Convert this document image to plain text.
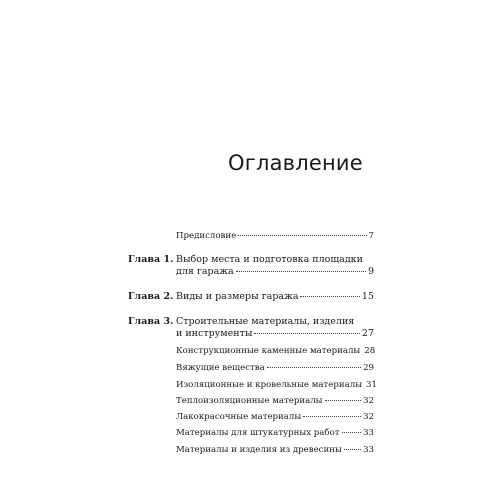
Оглавление
Предисловие	7
Глава 1. Выбор места и подготовка площадки
для гаража	9
Глава 2. Виды и размеры гаража	15
Глава 3. Строительные материалы, изделия
и инструменты	27
Конструкционные каменные материалы 28
Вяжущие вещества	29
Изоляционные и кровельные материалы 31
Теплоизоляционные материалы	32
Лакокрасочные материалы	32
Материалы для штукатурных работ	33
Материалы и изделия из древесины 33
